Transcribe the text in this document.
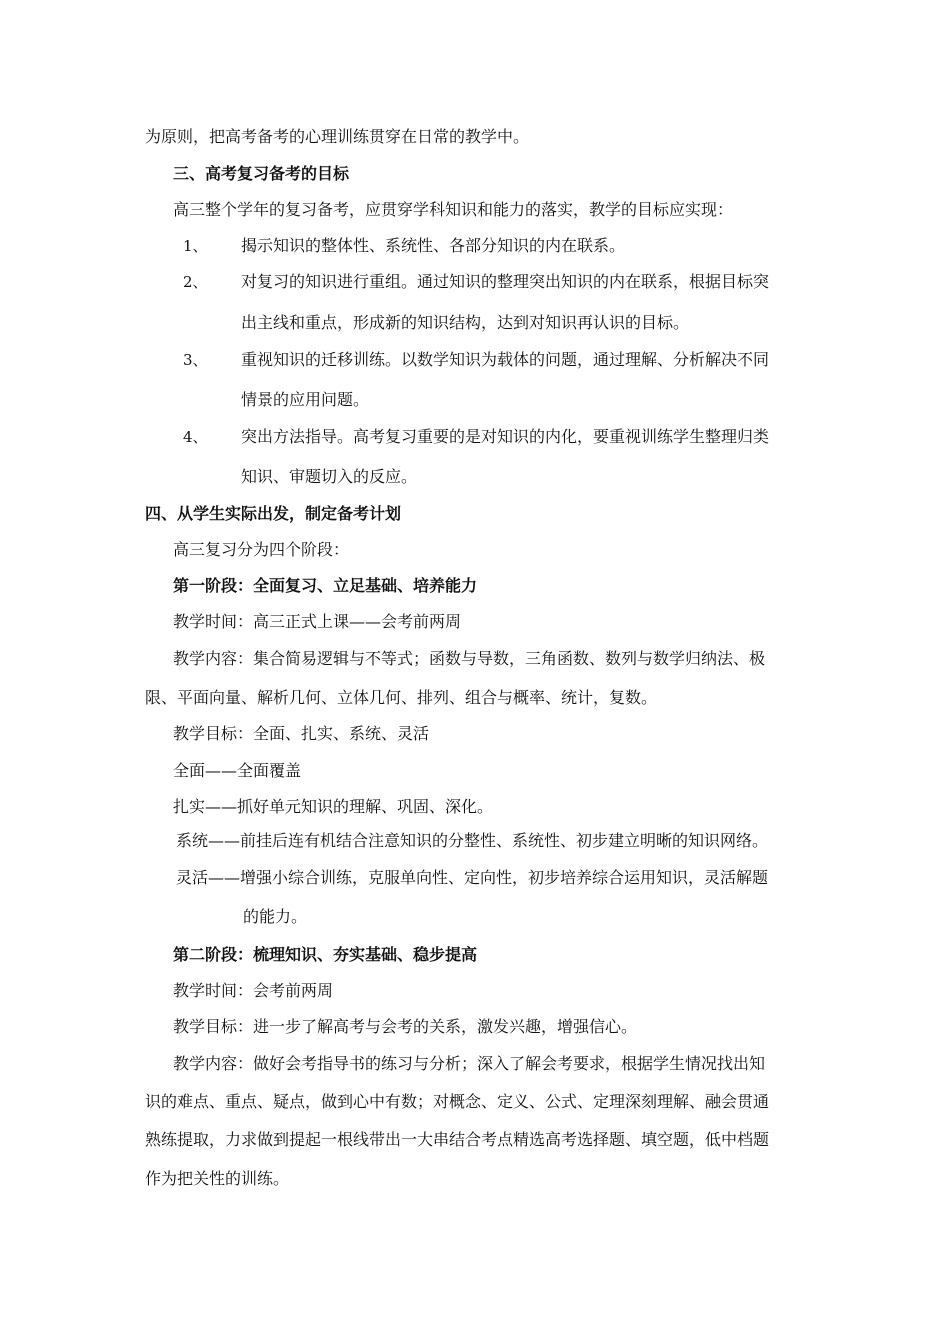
为原则，把高考备考的心理训练贯穿在日常的教学中。
三、高考复习备考的目标
高三整个学年的复习备考，应贯穿学科知识和能力的落实，教学的目标应实现：
1、 揭示知识的整体性、系统性、各部分知识的内在联系。
2、 对复习的知识进行重组。通过知识的整理突出知识的内在联系，根据目标突
出主线和重点，形成新的知识结构，达到对知识再认识的目标。
3、 重视知识的迁移训练。以数学知识为载体的问题，通过理解、分析解决不同
情景的应用问题。
4、 突出方法指导。高考复习重要的是对知识的内化，要重视训练学生整理归类
知识、审题切入的反应。
四、从学生实际出发，制定备考计划
高三复习分为四个阶段：
第一阶段：全面复习、立足基础、培养能力
教学时间：高三正式上课——会考前两周
教学内容：集合简易逻辑与不等式；函数与导数，三角函数、数列与数学归纳法、极
限、平面向量、解析几何、立体几何、排列、组合与概率、统计，复数。
教学目标：全面、扎实、系统、灵活
全面——全面覆盖
扎实——抓好单元知识的理解、巩固、深化。
系统——前挂后连有机结合注意知识的分整性、系统性、初步建立明晰的知识网络。
灵活——增强小综合训练，克服单向性、定向性，初步培养综合运用知识，灵活解题
的能力。
第二阶段：梳理知识、夯实基础、稳步提高
教学时间：会考前两周
教学目标：进一步了解高考与会考的关系，激发兴趣，增强信心。
教学内容：做好会考指导书的练习与分析；深入了解会考要求，根据学生情况找出知
识的难点、重点、疑点，做到心中有数；对概念、定义、公式、定理深刻理解、融会贯通
熟练提取，力求做到提起一根线带出一大串结合考点精选高考选择题、填空题，低中档题
作为把关性的训练。
